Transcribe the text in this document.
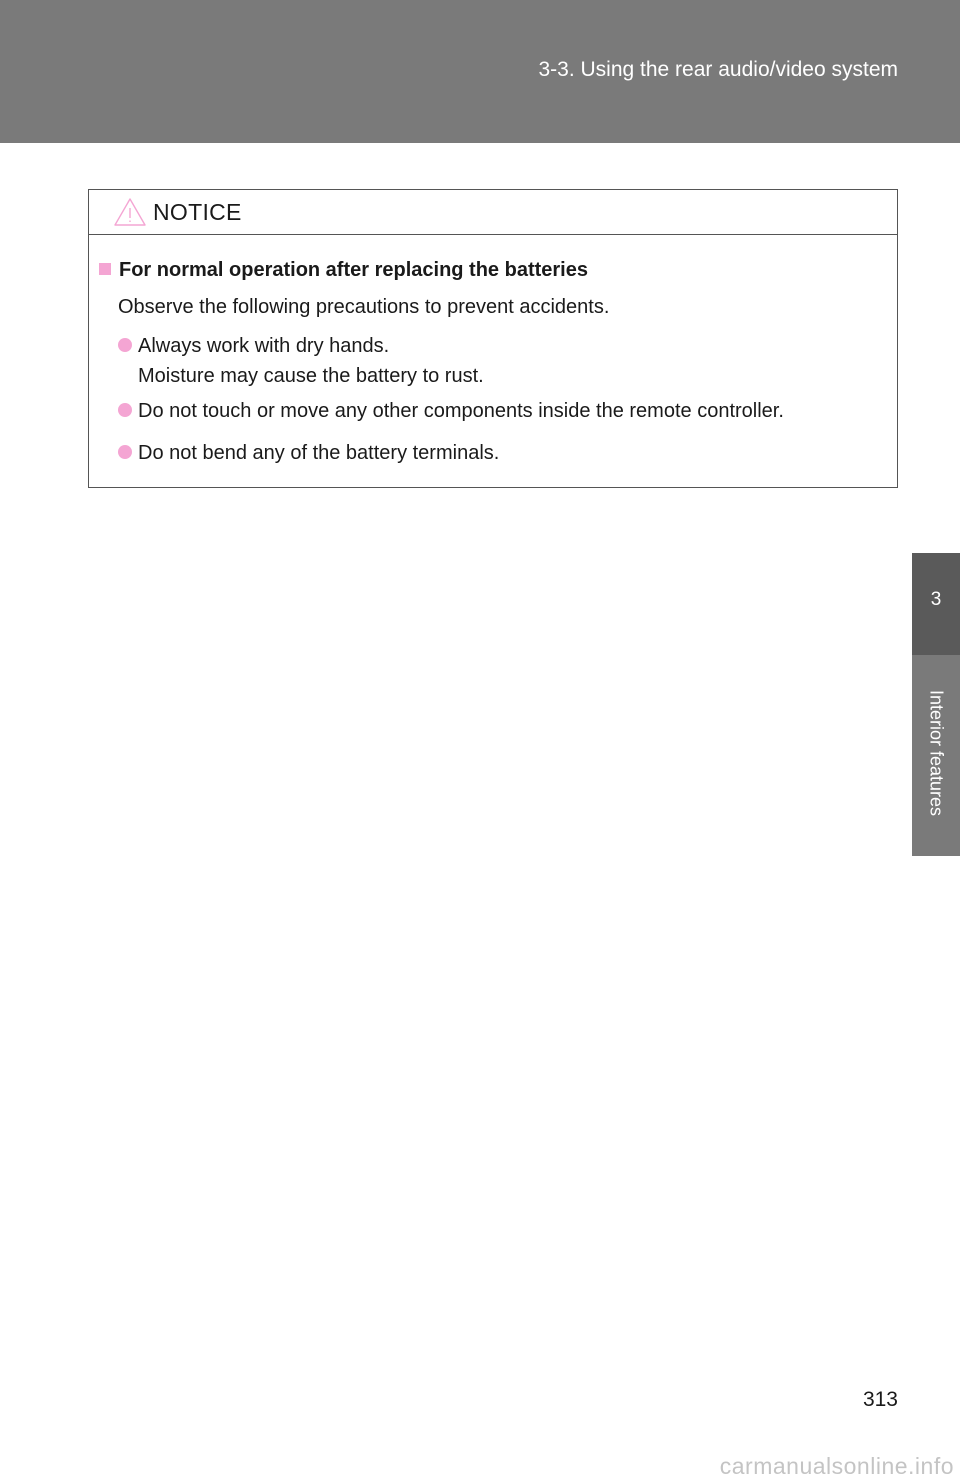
3-3. Using the rear audio/video system
3
Interior features
NOTICE
For normal operation after replacing the batteries
Observe the following precautions to prevent accidents.
Always work with dry hands.
Moisture may cause the battery to rust.
Do not touch or move any other components inside the remote controller.
Do not bend any of the battery terminals.
313
carmanualsonline.info
